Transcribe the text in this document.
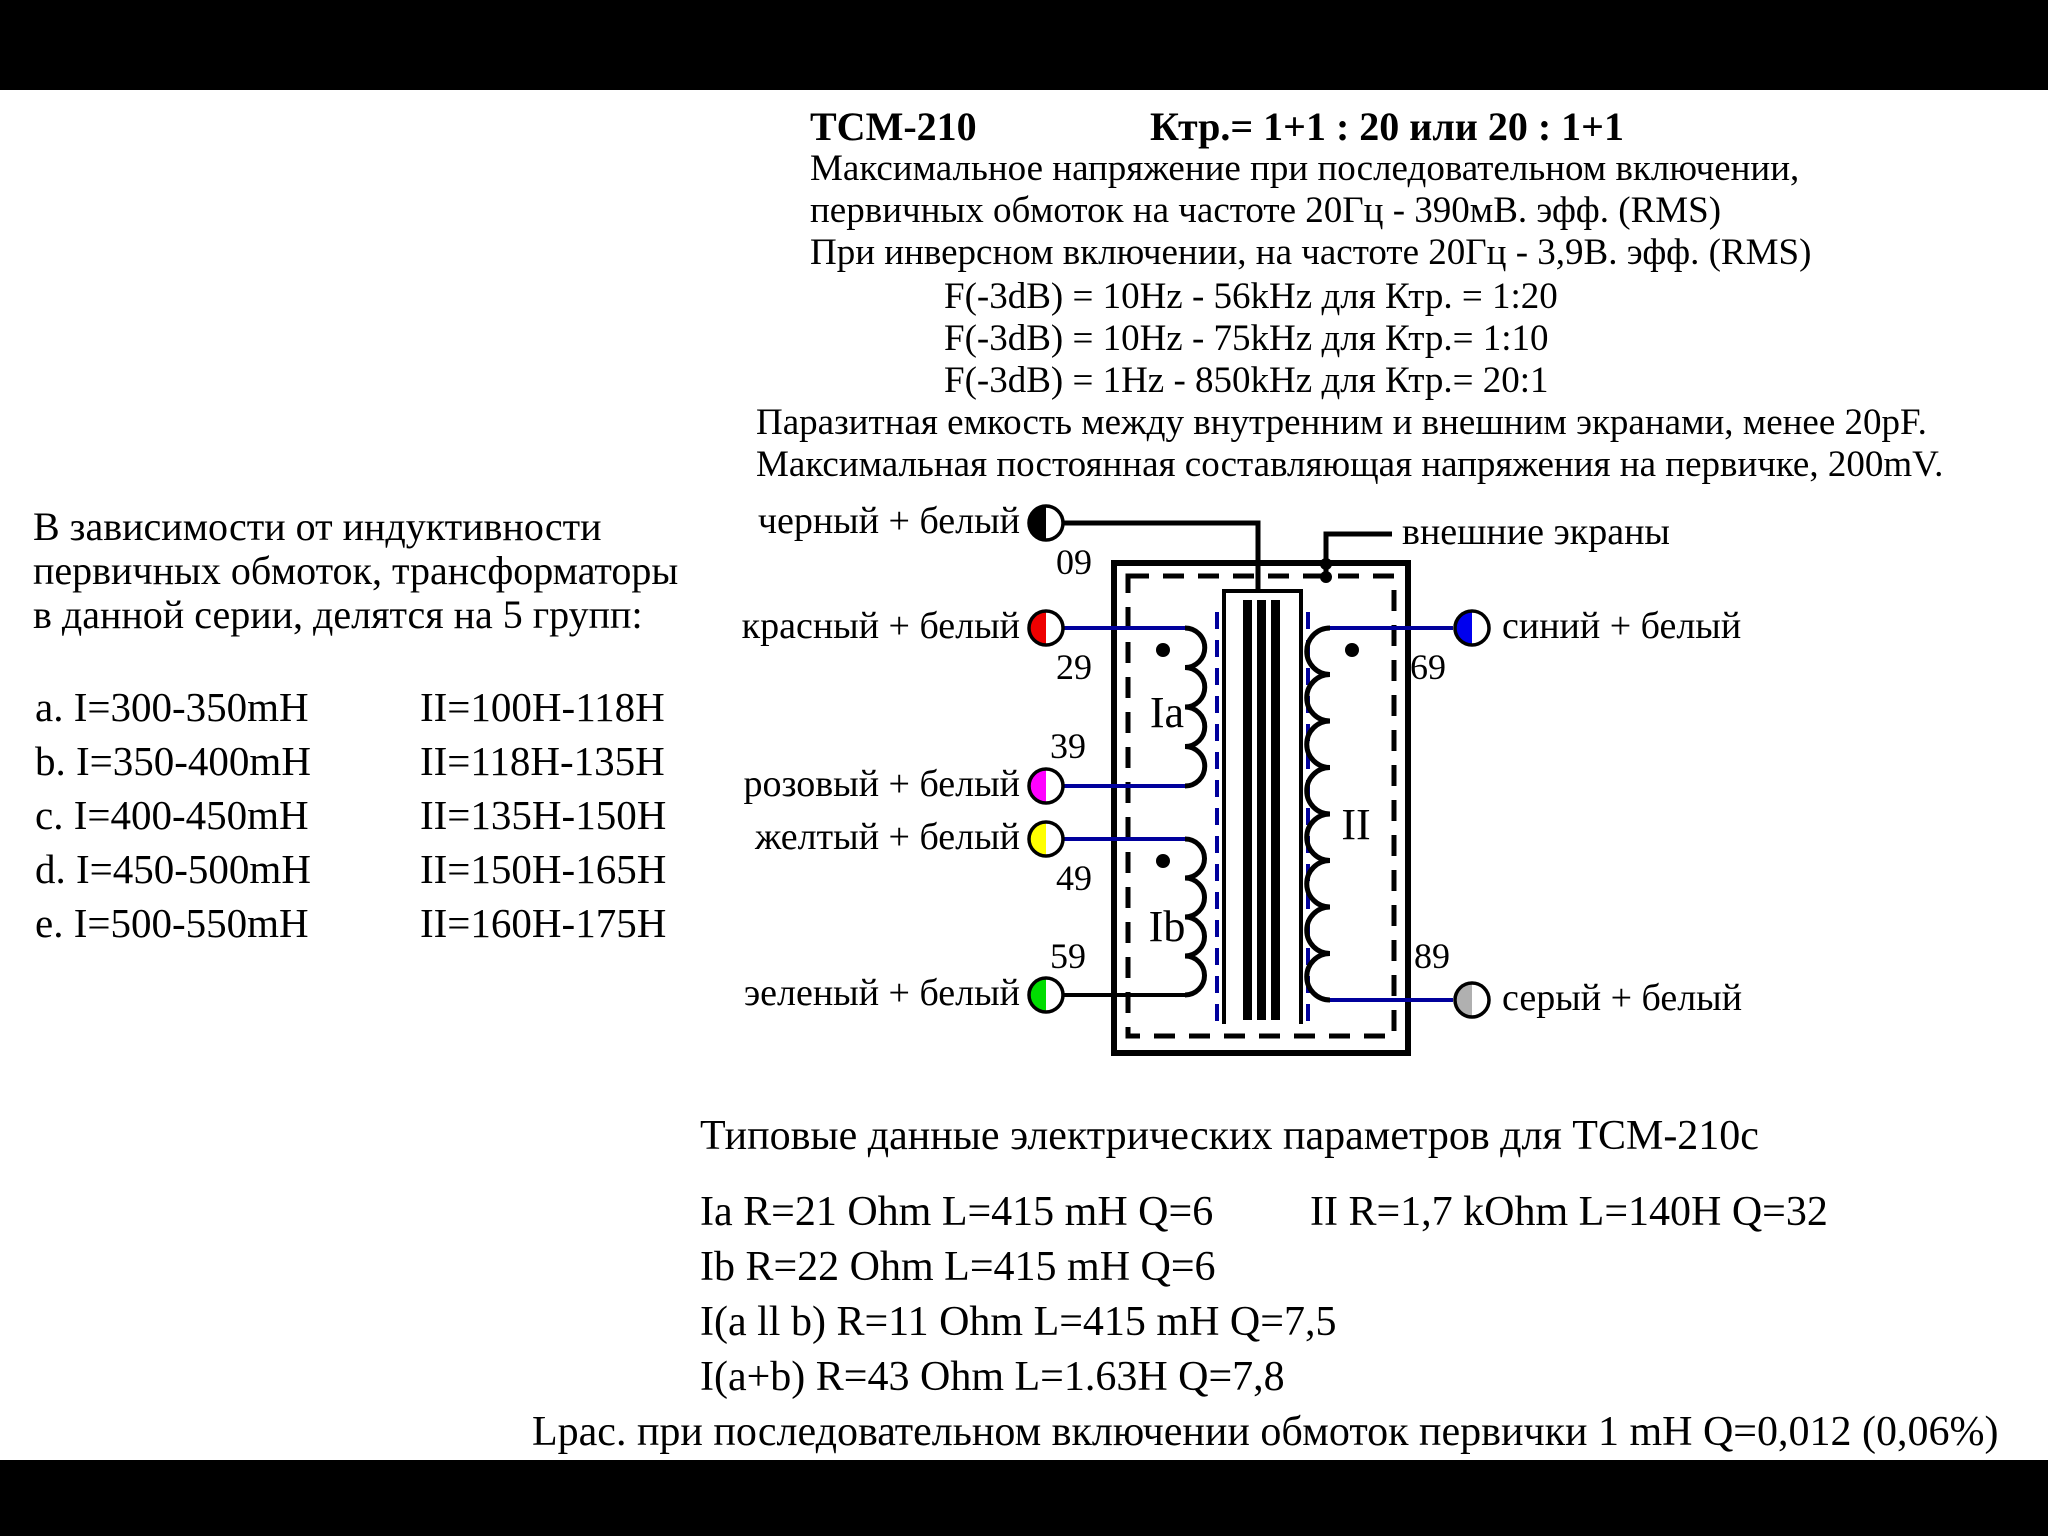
ТСМ-210	Ктр.= 1+1 : 20 или 20 : 1+1
Максимальное напряжение при последовательном включении,
первичных обмоток на частоте 20Гц - 390мВ. эфф. (RMS)
При инверсном включении, на частоте 20Гц - 3,9В. эфф. (RMS)
F(-3dB) = 10Hz - 56kHz для Ктр. = 1:20
F(-3dB) = 10Hz - 75kHz для Ктр.= 1:10
F(-3dB) = 1Hz - 850kHz для Ктр.= 20:1
Паразитная емкость между внутренним и внешним экранами, менее 20pF.
Максимальная постоянная составляющая напряжения на первичке, 200mV.
В зависимости от индуктивности
первичных обмоток, трансформаторы
в данной серии, делятся на 5 групп:
a. I=300-350mH	II=100H-118H
b. I=350-400mH	II=118H-135H
c. I=400-450mH	II=135H-150H
d. I=450-500mH	II=150H-165H
e. I=500-550mH	II=160H-175H
черный + белый
красный + белый
розовый + белый
желтый + белый
эеленый + белый
синий + белый
серый + белый
внешние экраны
09
29
39
49
59
69
89
Ia
Ib
II
Типовые данные электрических параметров для ТСМ-210с
Ia R=21 Ohm L=415 mH Q=6 II R=1,7 kOhm L=140H Q=32
Ib R=22 Ohm L=415 mH Q=6
I(a ll b) R=11 Ohm L=415 mH Q=7,5
I(a+b) R=43 Ohm L=1.63H Q=7,8
Lpac. при последовательном включении обмоток первички 1 mH Q=0,012 (0,06%)
